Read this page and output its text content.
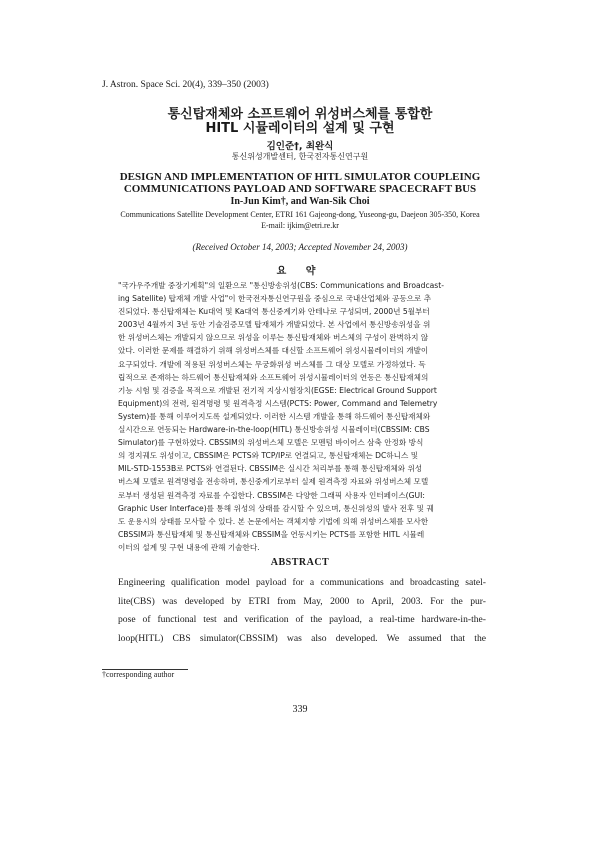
J. Astron. Space Sci. 20(4), 339–350 (2003)
통신탑재체와 소프트웨어 위성버스체를 통합한
HITL 시뮬레이터의 설계 및 구현
김인준†, 최완식
통신위성개발센터, 한국전자통신연구원
DESIGN AND IMPLEMENTATION OF HITL SIMULATOR COUPLEING
COMMUNICATIONS PAYLOAD AND SOFTWARE SPACECRAFT BUS
In-Jun Kim†, and Wan-Sik Choi
Communications Satellite Development Center, ETRI 161 Gajeong-dong, Yuseong-gu, Daejeon 305-350, Korea
E-mail: ijkim@etri.re.kr
(Received October 14, 2003; Accepted November 24, 2003)
요 약
"국가우주개발 중장기계획"의 일환으로 "통신방송위성(CBS: Communications and Broadcast-
ing Satellite) 탑재체 개발 사업"이 한국전자통신연구원을 중심으로 국내산업체와 공동으로 추
진되었다. 통신탑재체는 Ku대역 및 Ka대역 통신중계기와 안테나로 구성되며, 2000년 5월부터
2003년 4월까지 3년 동안 기술검증모델 탑재체가 개발되었다. 본 사업에서 통신방송위성을 위
한 위성버스체는 개발되지 않으므로 위성을 이루는 통신탑재체와 버스체의 구성이 완벽하지 않
았다. 이러한 문제를 해결하기 위해 위성버스체를 대신할 소프트웨어 위성시뮬레이터의 개발이
요구되었다. 개발에 적용된 위성버스체는 무궁화위성 버스체를 그 대상 모델로 가정하였다. 독
립적으로 존재하는 하드웨어 통신탑재체와 소프트웨어 위성시뮬레이터의 연동은 통신탑재체의
기능 시험 및 검증을 목적으로 개발된 전기적 지상시험장치(EGSE: Electrical Ground Support
Equipment)의 전력, 원격명령 및 원격측정 시스템(PCTS: Power, Command and Telemetry
System)를 통해 이루어지도록 설계되었다. 이러한 시스템 개발을 통해 하드웨어 통신탑재체와
실시간으로 연동되는 Hardware-in-the-loop(HITL) 통신방송위성 시뮬레이터(CBSSIM: CBS
Simulator)를 구현하였다. CBSSIM의 위성버스체 모델은 모멘텀 바이어스 삼축 안정화 방식
의 정지궤도 위성이고, CBSSIM은 PCTS와 TCP/IP로 연결되고, 통신탑재체는 DC하니스 및
MIL-STD-1553B로 PCTS와 연결된다. CBSSIM은 실시간 처리부를 통해 통신탑재체와 위성
버스체 모델로 원격명령을 전송하며, 통신중계기로부터 실제 원격측정 자료와 위성버스체 모델
로부터 생성된 원격측정 자료를 수집한다. CBSSIM은 다양한 그래픽 사용자 인터페이스(GUI:
Graphic User Interface)를 통해 위성의 상태를 감시할 수 있으며, 통신위성의 발사 전후 및 궤
도 운용시의 상태를 모사할 수 있다. 본 논문에서는 객체지향 기법에 의해 위성버스체를 모사한
CBSSIM과 통신탑재체 및 통신탑재체와 CBSSIM을 연동시키는 PCTS를 포함한 HITL 시뮬레
이터의 설계 및 구현 내용에 관해 기술한다.
ABSTRACT
Engineering qualification model payload for a communications and broadcasting satel-
lite(CBS) was developed by ETRI from May, 2000 to April, 2003. For the pur-
pose of functional test and verification of the payload, a real-time hardware-in-the-
loop(HITL) CBS simulator(CBSSIM) was also developed. We assumed that the
†corresponding author
339
